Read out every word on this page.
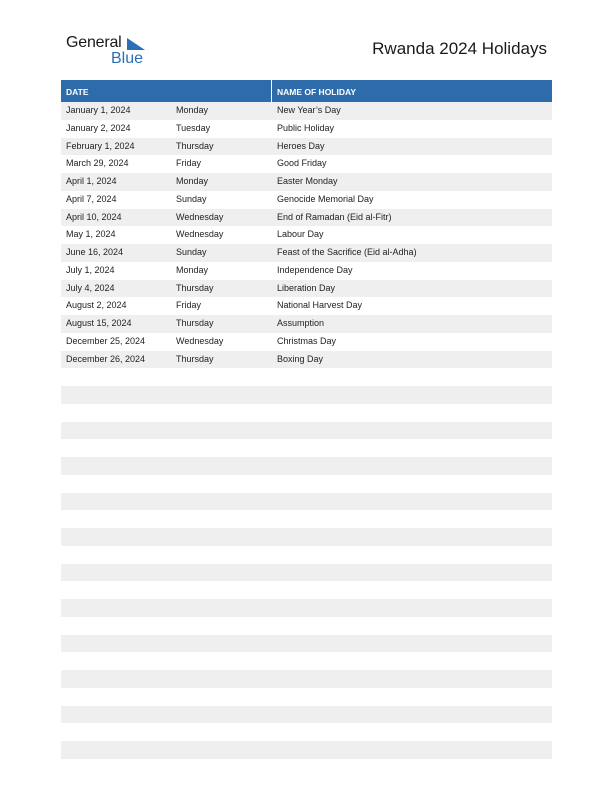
General
Blue
Rwanda 2024 Holidays
DATE	NAME OF HOLIDAY
January 1, 2024	Monday	New Year’s Day
January 2, 2024	Tuesday	Public Holiday
February 1, 2024	Thursday	Heroes Day
March 29, 2024	Friday	Good Friday
April 1, 2024	Monday	Easter Monday
April 7, 2024	Sunday	Genocide Memorial Day
April 10, 2024	Wednesday	End of Ramadan (Eid al-Fitr)
May 1, 2024	Wednesday	Labour Day
June 16, 2024	Sunday	Feast of the Sacrifice (Eid al-Adha)
July 1, 2024	Monday	Independence Day
July 4, 2024	Thursday	Liberation Day
August 2, 2024	Friday	National Harvest Day
August 15, 2024	Thursday	Assumption
December 25, 2024	Wednesday	Christmas Day
December 26, 2024	Thursday	Boxing Day
